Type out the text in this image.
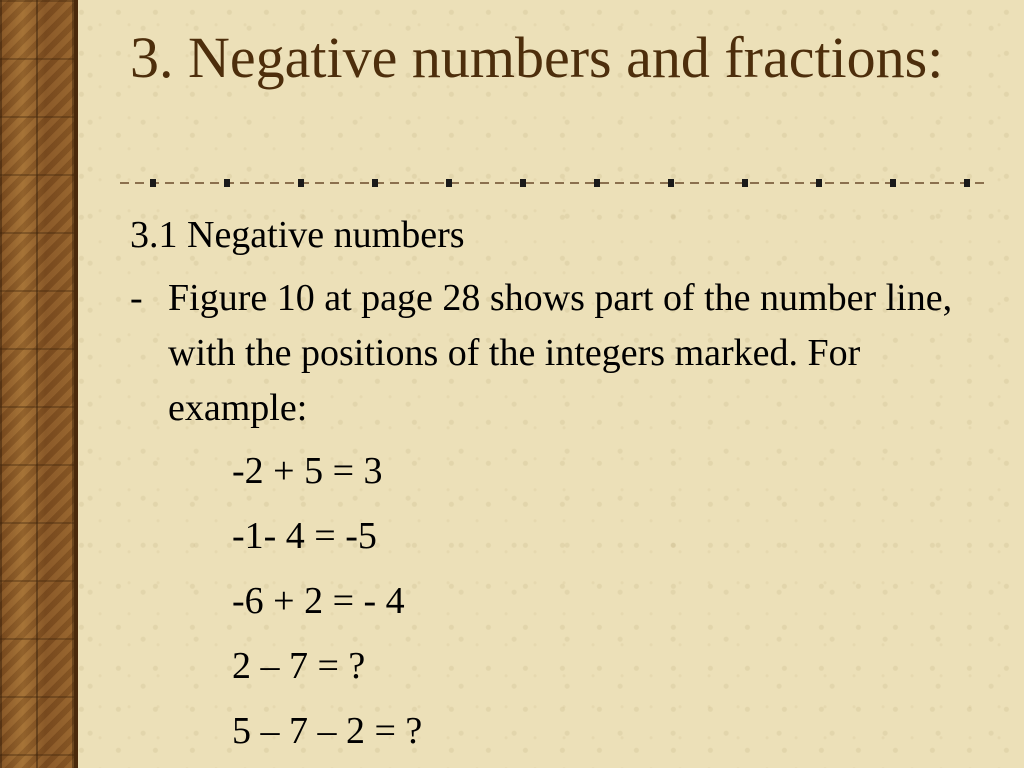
3. Negative numbers and fractions:
3.1 Negative numbers
- Figure 10 at page 28 shows part of the number line, with the positions of the integers marked. For example:
-2 + 5 = 3
-1- 4 = -5
-6 + 2 = - 4
2 – 7 = ?
5 – 7 – 2 = ?
